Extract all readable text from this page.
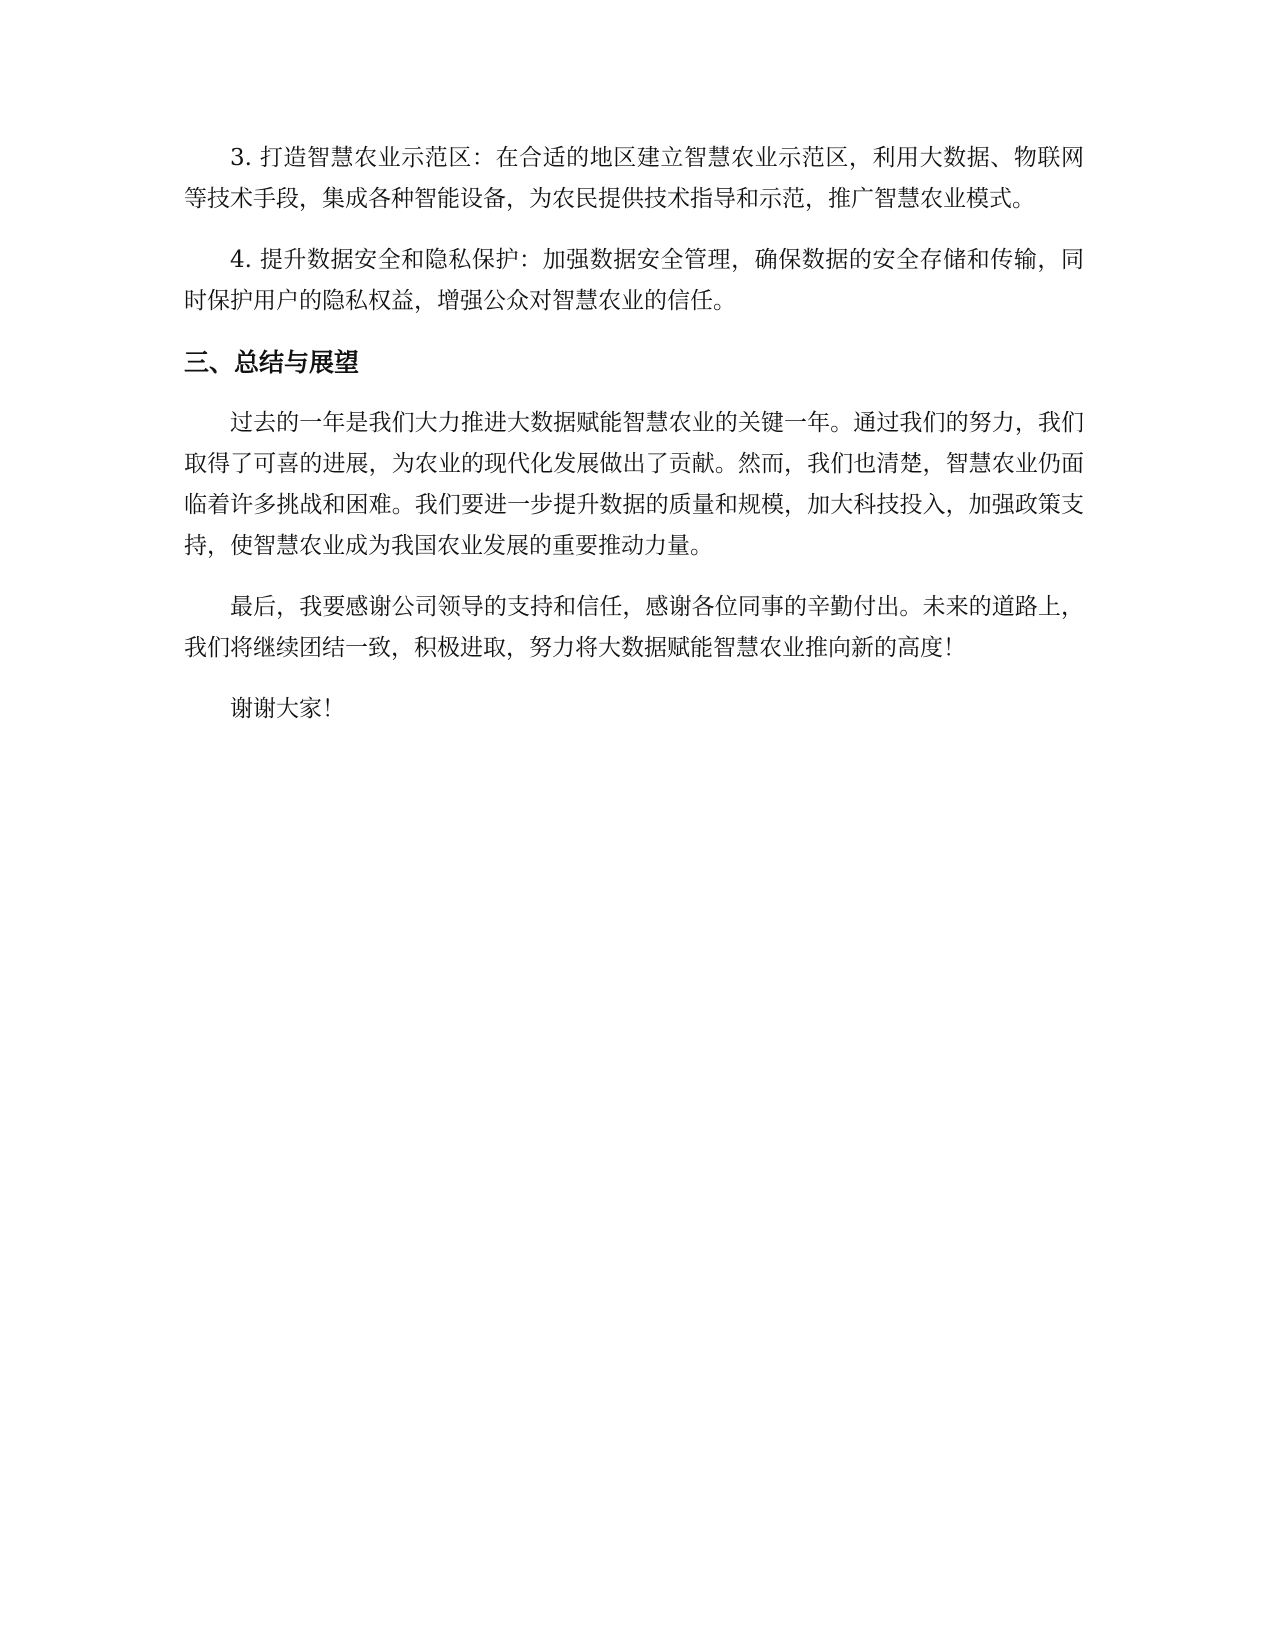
3. 打造智慧农业示范区：在合适的地区建立智慧农业示范区，利用大数据、物联网等技术手段，集成各种智能设备，为农民提供技术指导和示范，推广智慧农业模式。

4. 提升数据安全和隐私保护：加强数据安全管理，确保数据的安全存储和传输，同时保护用户的隐私权益，增强公众对智慧农业的信任。

三、总结与展望

过去的一年是我们大力推进大数据赋能智慧农业的关键一年。通过我们的努力，我们取得了可喜的进展，为农业的现代化发展做出了贡献。然而，我们也清楚，智慧农业仍面临着许多挑战和困难。我们要进一步提升数据的质量和规模，加大科技投入，加强政策支持，使智慧农业成为我国农业发展的重要推动力量。

最后，我要感谢公司领导的支持和信任，感谢各位同事的辛勤付出。未来的道路上，我们将继续团结一致，积极进取，努力将大数据赋能智慧农业推向新的高度！

谢谢大家！
